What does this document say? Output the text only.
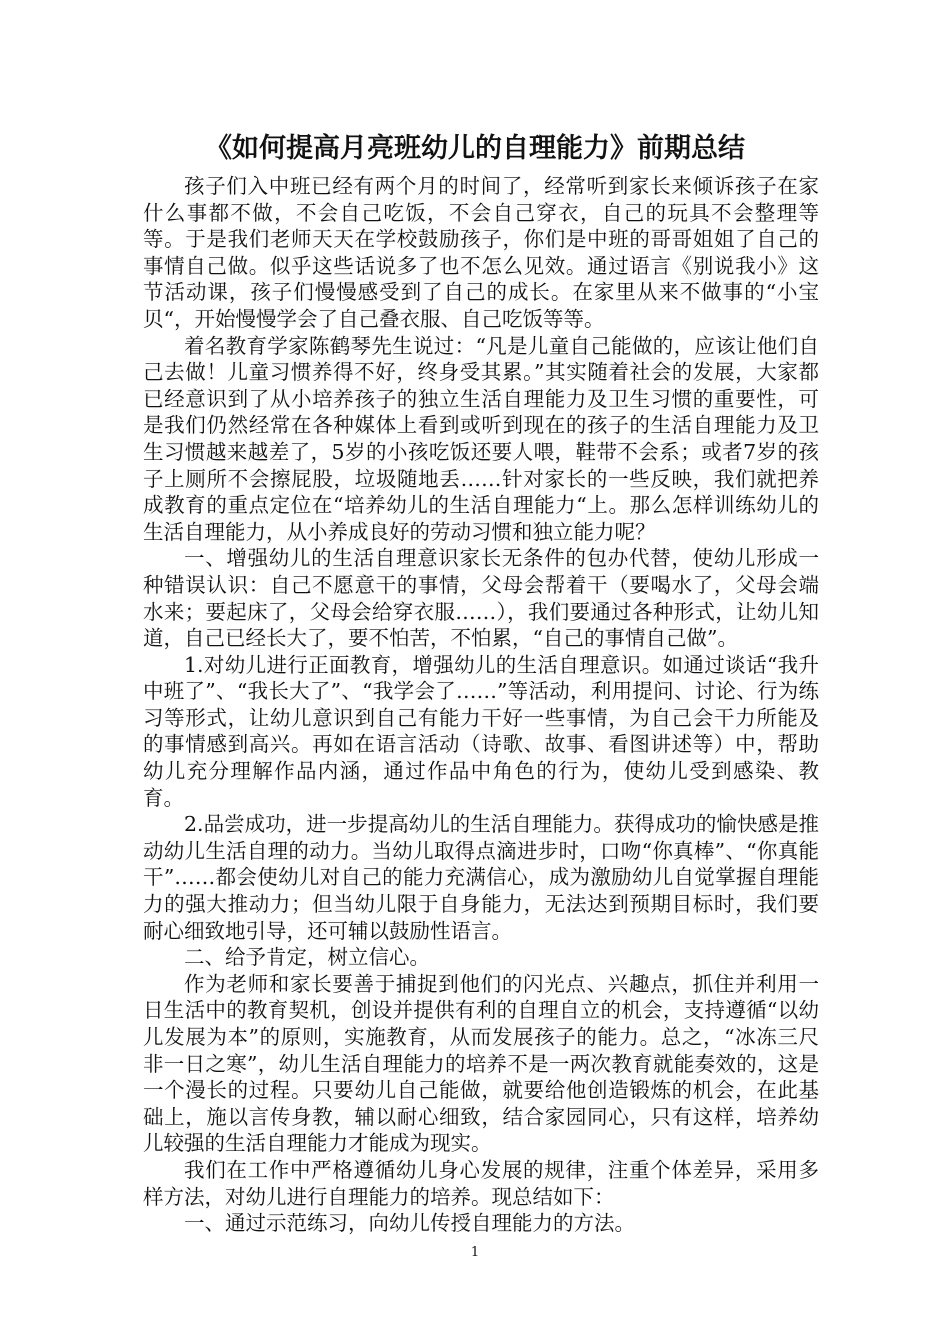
《如何提高月亮班幼儿的自理能力》前期总结

孩子们入中班已经有两个月的时间了，经常听到家长来倾诉孩子在家什么事都不做，不会自己吃饭，不会自己穿衣，自己的玩具不会整理等等。于是我们老师天天在学校鼓励孩子，你们是中班的哥哥姐姐了自己的事情自己做。似乎这些话说多了也不怎么见效。通过语言《别说我小》这节活动课，孩子们慢慢感受到了自己的成长。在家里从来不做事的“小宝贝“，开始慢慢学会了自己叠衣服、自己吃饭等等。

着名教育学家陈鹤琴先生说过：“凡是儿童自己能做的，应该让他们自己去做！儿童习惯养得不好，终身受其累。”其实随着社会的发展，大家都已经意识到了从小培养孩子的独立生活自理能力及卫生习惯的重要性，可是我们仍然经常在各种媒体上看到或听到现在的孩子的生活自理能力及卫生习惯越来越差了，5岁的小孩吃饭还要人喂，鞋带不会系；或者7岁的孩子上厕所不会擦屁股，垃圾随地丢……针对家长的一些反映，我们就把养成教育的重点定位在“培养幼儿的生活自理能力“上。那么怎样训练幼儿的生活自理能力，从小养成良好的劳动习惯和独立能力呢？

一、增强幼儿的生活自理意识家长无条件的包办代替，使幼儿形成一种错误认识：自己不愿意干的事情，父母会帮着干（要喝水了，父母会端水来；要起床了，父母会给穿衣服……），我们要通过各种形式，让幼儿知道，自己已经长大了，要不怕苦，不怕累，“自己的事情自己做”。

1.对幼儿进行正面教育，增强幼儿的生活自理意识。如通过谈话“我升中班了”、“我长大了”、“我学会了……”等活动，利用提问、讨论、行为练习等形式，让幼儿意识到自己有能力干好一些事情，为自己会干力所能及的事情感到高兴。再如在语言活动（诗歌、故事、看图讲述等）中，帮助幼儿充分理解作品内涵，通过作品中角色的行为，使幼儿受到感染、教育。

2.品尝成功，进一步提高幼儿的生活自理能力。获得成功的愉快感是推动幼儿生活自理的动力。当幼儿取得点滴进步时，口吻“你真棒”、“你真能干”……都会使幼儿对自己的能力充满信心，成为激励幼儿自觉掌握自理能力的强大推动力；但当幼儿限于自身能力，无法达到预期目标时，我们要耐心细致地引导，还可辅以鼓励性语言。

二、给予肯定，树立信心。

作为老师和家长要善于捕捉到他们的闪光点、兴趣点，抓住并利用一日生活中的教育契机，创设并提供有利的自理自立的机会，支持遵循“以幼儿发展为本”的原则，实施教育，从而发展孩子的能力。总之，“冰冻三尺非一日之寒”，幼儿生活自理能力的培养不是一两次教育就能奏效的，这是一个漫长的过程。只要幼儿自己能做，就要给他创造锻炼的机会，在此基础上，施以言传身教，辅以耐心细致，结合家园同心，只有这样，培养幼儿较强的生活自理能力才能成为现实。

我们在工作中严格遵循幼儿身心发展的规律，注重个体差异，采用多样方法，对幼儿进行自理能力的培养。现总结如下：

一、通过示范练习，向幼儿传授自理能力的方法。

1
